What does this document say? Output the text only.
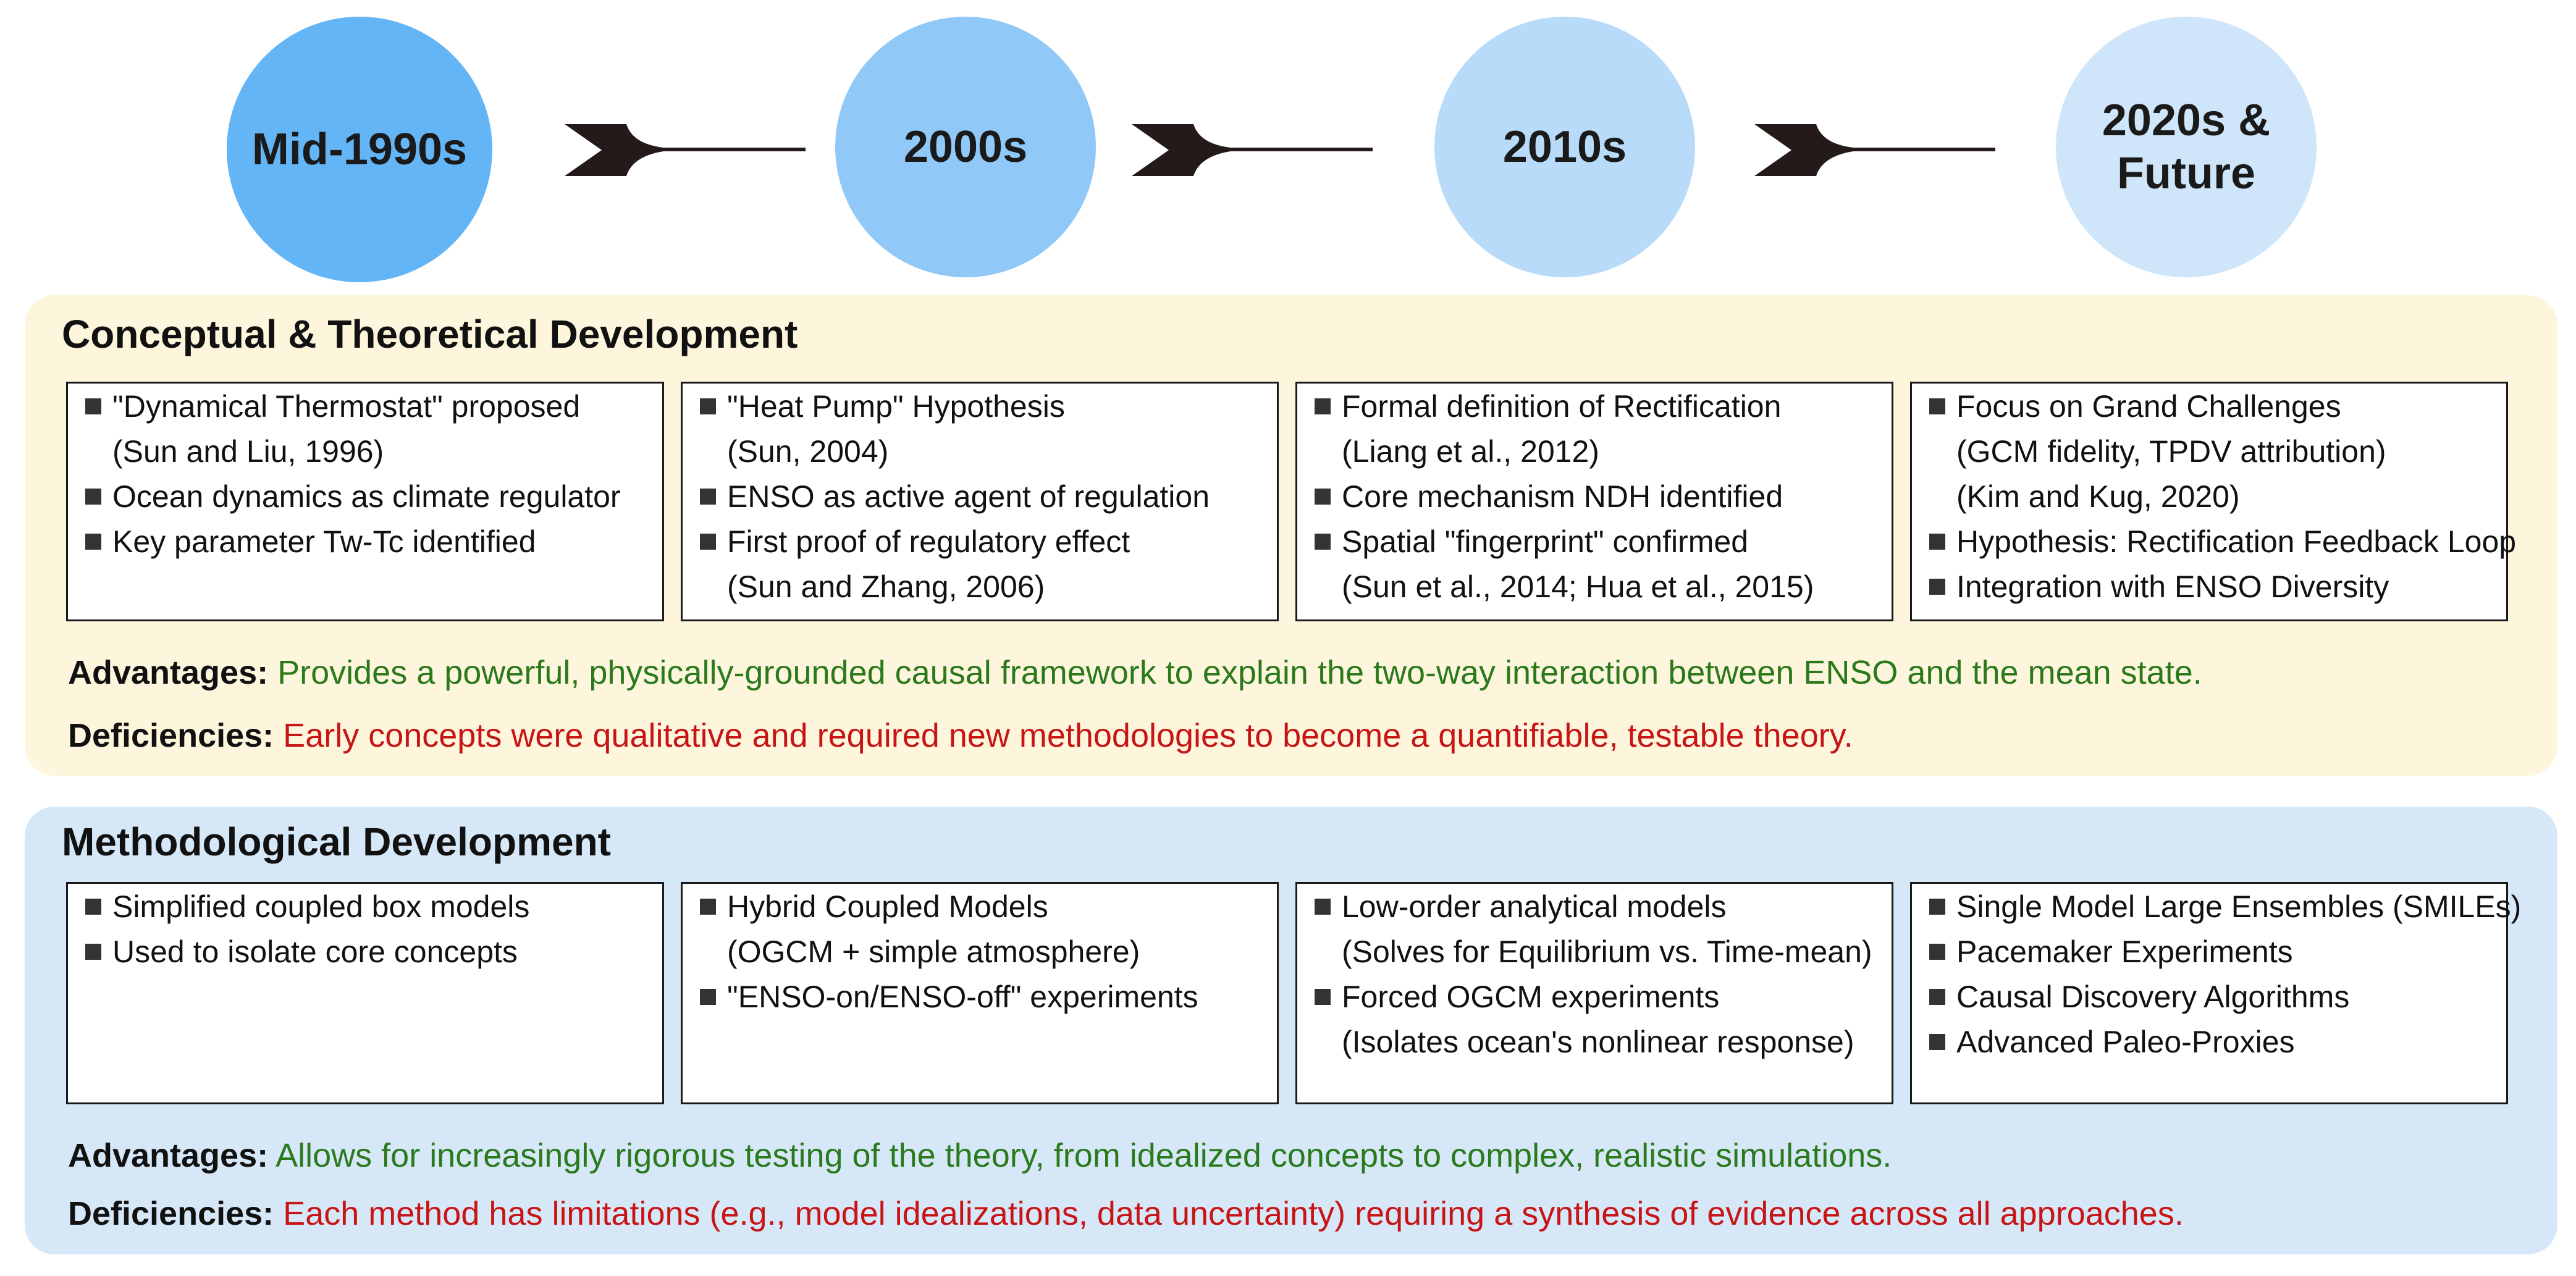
Mid-1990s	2000s	2010s
2020s &
Future
Conceptual & Theoretical Development
"Dynamical Thermostat" proposed
(Sun and Liu, 1996)
Ocean dynamics as climate regulator
Key parameter Tw-Tc identified
"Heat Pump" Hypothesis
(Sun, 2004)
ENSO as active agent of regulation
First proof of regulatory effect
(Sun and Zhang, 2006)
Formal definition of Rectification
(Liang et al., 2012)
Core mechanism NDH identified
Spatial "fingerprint" confirmed
(Sun et al., 2014; Hua et al., 2015)
Focus on Grand Challenges
(GCM fidelity, TPDV attribution)
(Kim and Kug, 2020)
Hypothesis: Rectification Feedback Loop
Integration with ENSO Diversity
Advantages: Provides a powerful, physically-grounded causal framework to explain the two-way interaction between ENSO and the mean state.
Deficiencies: Early concepts were qualitative and required new methodologies to become a quantifiable, testable theory.
Methodological Development
Simplified coupled box models
Used to isolate core concepts
Hybrid Coupled Models
(OGCM + simple atmosphere)
"ENSO-on/ENSO-off" experiments
Low-order analytical models
(Solves for Equilibrium vs. Time-mean)
Forced OGCM experiments
(Isolates ocean's nonlinear response)
Single Model Large Ensembles (SMILEs)
Pacemaker Experiments
Causal Discovery Algorithms
Advanced Paleo-Proxies
Advantages: Allows for increasingly rigorous testing of the theory, from idealized concepts to complex, realistic simulations.
Deficiencies: Each method has limitations (e.g., model idealizations, data uncertainty) requiring a synthesis of evidence across all approaches.
